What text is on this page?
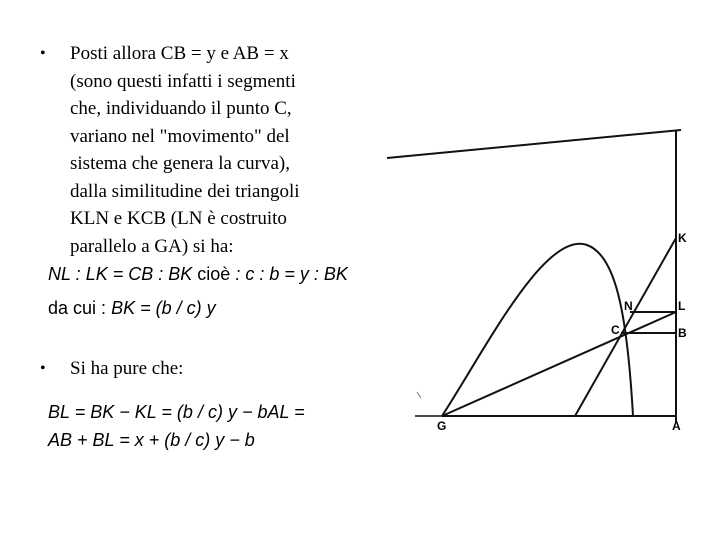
• Posti allora CB = y e AB = x
(sono questi infatti i segmenti
che, individuando il punto C,
variano nel "movimento" del
sistema che genera la curva),
dalla similitudine dei triangoli
KLN e KCB (LN è costruito
parallelo a GA) si ha:
NL : LK = CB : BK cioè : c : b = y : BK
da cui : BK = (b / c) y
• Si ha pure che:
BL = BK − KL = (b / c) y − bAL =
AB + BL = x + (b / c) y − b
K
N	L
C	B
G	A
